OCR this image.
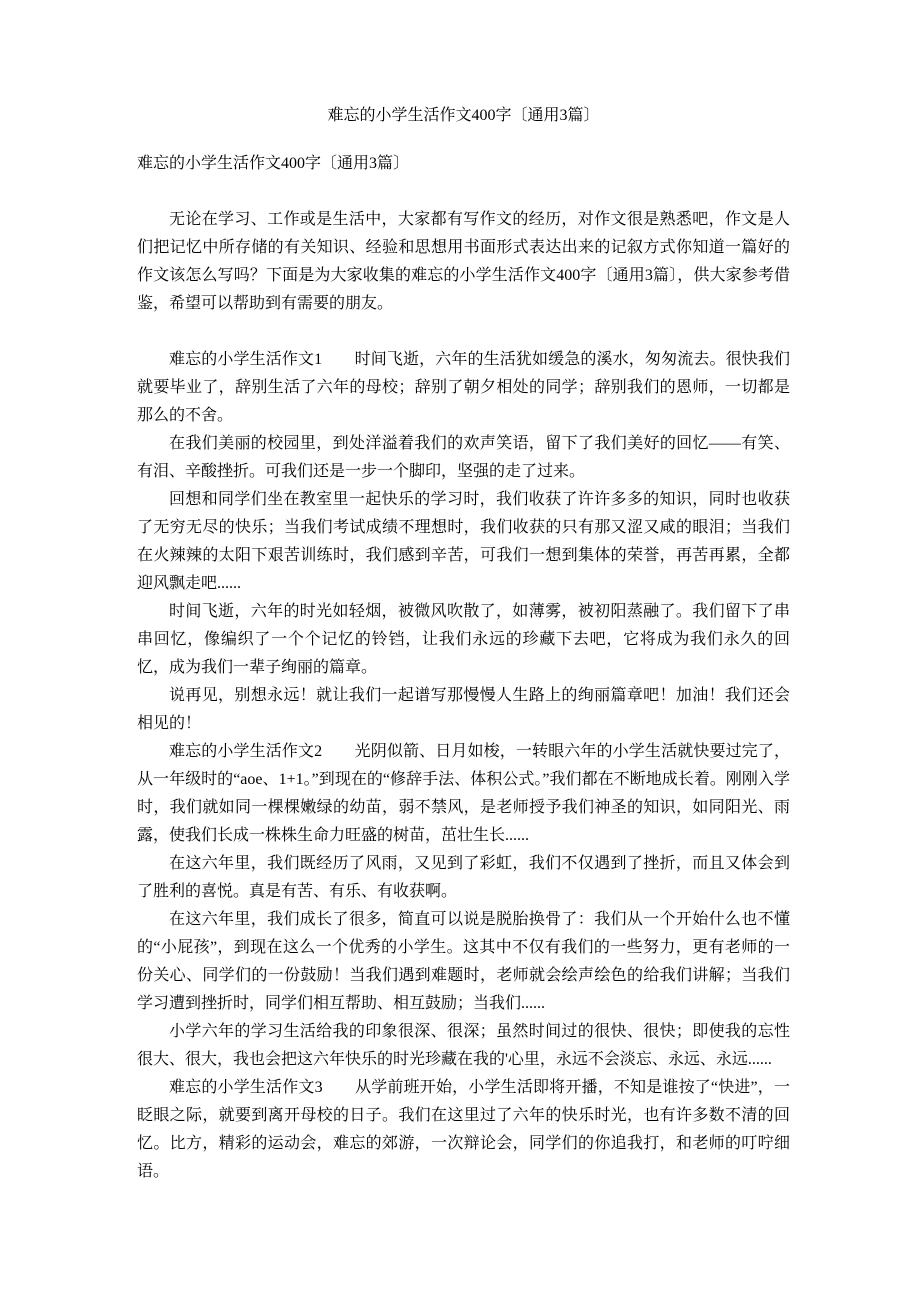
难忘的小学生活作文400字〔通用3篇〕

难忘的小学生活作文400字〔通用3篇〕

无论在学习、工作或是生活中，大家都有写作文的经历，对作文很是熟悉吧，作文是人们把记忆中所存储的有关知识、经验和思想用书面形式表达出来的记叙方式你知道一篇好的作文该怎么写吗？下面是为大家收集的难忘的小学生活作文400字〔通用3篇〕，供大家参考借鉴，希望可以帮助到有需要的朋友。

难忘的小学生活作文1　　时间飞逝，六年的生活犹如缓急的溪水，匆匆流去。很快我们就要毕业了，辞别生活了六年的母校；辞别了朝夕相处的同学；辞别我们的恩师，一切都是那么的不舍。

在我们美丽的校园里，到处洋溢着我们的欢声笑语，留下了我们美好的回忆——有笑、有泪、辛酸挫折。可我们还是一步一个脚印，坚强的走了过来。

回想和同学们坐在教室里一起快乐的学习时，我们收获了许许多多的知识，同时也收获了无穷无尽的快乐；当我们考试成绩不理想时，我们收获的只有那又涩又咸的眼泪；当我们在火辣辣的太阳下艰苦训练时，我们感到辛苦，可我们一想到集体的荣誉，再苦再累，全都迎风飘走吧......

时间飞逝，六年的时光如轻烟，被微风吹散了，如薄雾，被初阳蒸融了。我们留下了串串回忆，像编织了一个个记忆的铃铛，让我们永远的珍藏下去吧，它将成为我们永久的回忆，成为我们一辈子绚丽的篇章。

说再见，别想永远！就让我们一起谱写那慢慢人生路上的绚丽篇章吧！加油！我们还会相见的！

难忘的小学生活作文2　　光阴似箭、日月如梭，一转眼六年的小学生活就快要过完了，从一年级时的“aoe、1+1。”到现在的“修辞手法、体积公式。”我们都在不断地成长着。刚刚入学时，我们就如同一棵棵嫩绿的幼苗，弱不禁风，是老师授予我们神圣的知识，如同阳光、雨露，使我们长成一株株生命力旺盛的树苗，茁壮生长......

在这六年里，我们既经历了风雨，又见到了彩虹，我们不仅遇到了挫折，而且又体会到了胜利的喜悦。真是有苦、有乐、有收获啊。

在这六年里，我们成长了很多，简直可以说是脱胎换骨了：我们从一个开始什么也不懂的“小屁孩”，到现在这么一个优秀的小学生。这其中不仅有我们的一些努力，更有老师的一份关心、同学们的一份鼓励！当我们遇到难题时，老师就会绘声绘色的给我们讲解；当我们学习遭到挫折时，同学们相互帮助、相互鼓励；当我们......

小学六年的学习生活给我的印象很深、很深；虽然时间过的很快、很快；即使我的忘性很大、很大，我也会把这六年快乐的时光珍藏在我的'心里，永远不会淡忘、永远、永远......

难忘的小学生活作文3　　从学前班开始，小学生活即将开播，不知是谁按了“快进”，一眨眼之际，就要到离开母校的日子。我们在这里过了六年的快乐时光，也有许多数不清的回忆。比方，精彩的运动会，难忘的郊游，一次辩论会，同学们的你追我打，和老师的叮咛细语。
